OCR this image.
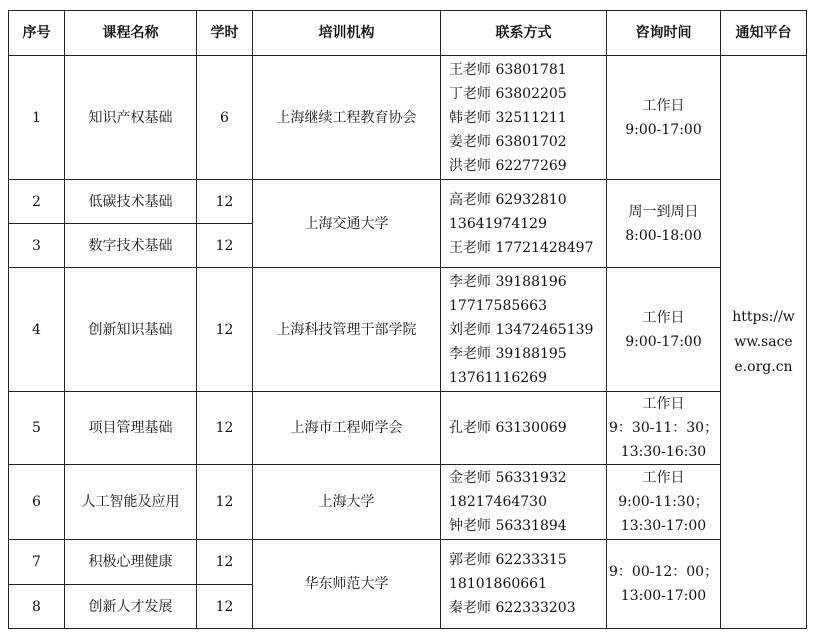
序号	课程名称	学时	培训机构	联系方式	咨询时间	通知平台
1	知识产权基础	6	上海继续工程教育协会	王老师 63801781
丁老师 63802205
韩老师 32511211
姜老师 63801702
洪老师 62277269	工作日
9:00-17:00	https://www.sacee.org.cn
2	低碳技术基础	12	上海交通大学	高老师 62932810
13641974129
王老师 17721428497	周一到周日
8:00-18:00	

3	数字技术基础	12				
4	创新知识基础	12	上海科技管理干部学院	李老师 39188196
17717585663
刘老师 13472465139
李老师 39188195
13761116269	工作日
9:00-17:00	

5	项目管理基础	12	上海市工程师学会	孔老师 63130069	工作日
9：30-11：30；
13:30-16:30	

6	人工智能及应用	12	上海大学	金老师 56331932
18217464730
钟老师 56331894	工作日
9:00-11:30；
13:30-17:00	

7	积极心理健康	12	华东师范大学	郭老师 62233315
18101860661
秦老师 622333203	9：00-12：00；
13:00-17:00	

8	创新人才发展	12				
